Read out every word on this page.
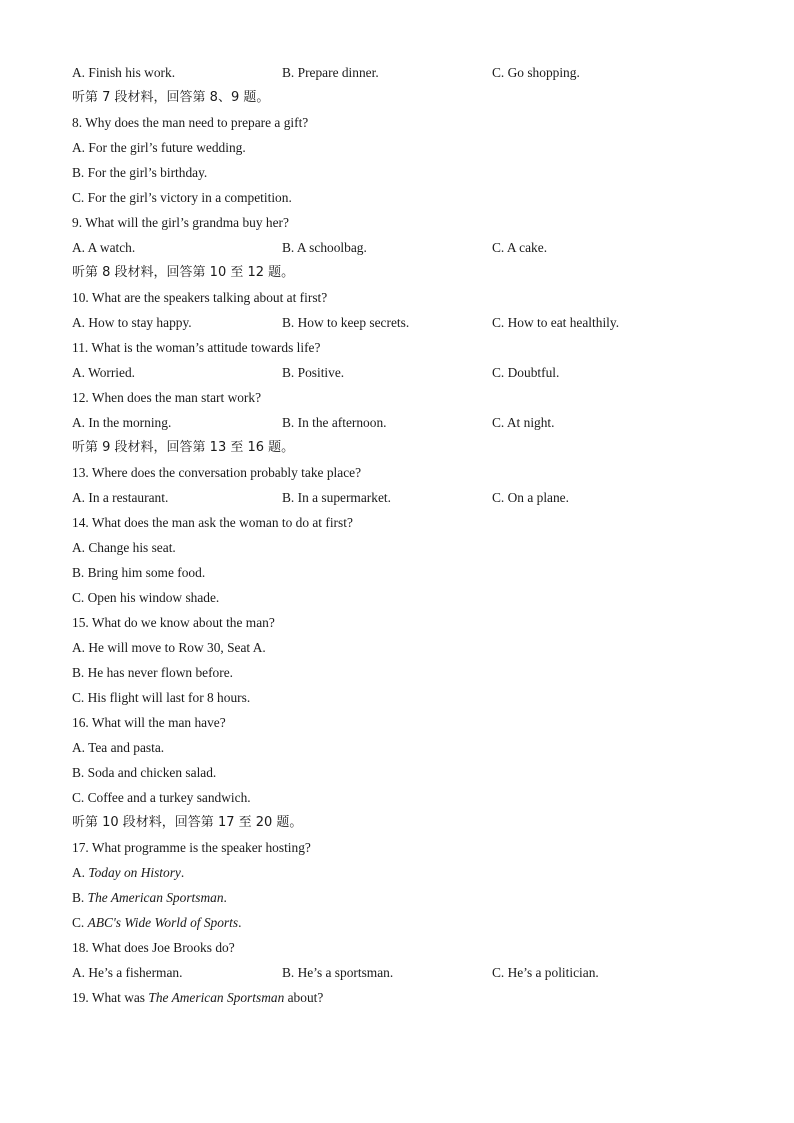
A. Finish his work.	B. Prepare dinner.	C. Go shopping.
听第 7 段材料，回答第 8、9 题。
8. Why does the man need to prepare a gift?
A. For the girl’s future wedding.
B. For the girl’s birthday.
C. For the girl’s victory in a competition.
9. What will the girl’s grandma buy her?
A. A watch.	B. A schoolbag.	C. A cake.
听第 8 段材料，回答第 10 至 12 题。
10. What are the speakers talking about at first?
A. How to stay happy.	B. How to keep secrets.	C. How to eat healthily.
11. What is the woman’s attitude towards life?
A. Worried.	B. Positive.	C. Doubtful.
12. When does the man start work?
A. In the morning.	B. In the afternoon.	C. At night.
听第 9 段材料，回答第 13 至 16 题。
13. Where does the conversation probably take place?
A. In a restaurant.	B. In a supermarket.	C. On a plane.
14. What does the man ask the woman to do at first?
A. Change his seat.
B. Bring him some food.
C. Open his window shade.
15. What do we know about the man?
A. He will move to Row 30, Seat A.
B. He has never flown before.
C. His flight will last for 8 hours.
16. What will the man have?
A. Tea and pasta.
B. Soda and chicken salad.
C. Coffee and a turkey sandwich.
听第 10 段材料，回答第 17 至 20 题。
17. What programme is the speaker hosting?
A. Today on History.
B. The American Sportsman.
C. ABC's Wide World of Sports.
18. What does Joe Brooks do?
A. He’s a fisherman.	B. He’s a sportsman.	C. He’s a politician.
19. What was The American Sportsman about?
